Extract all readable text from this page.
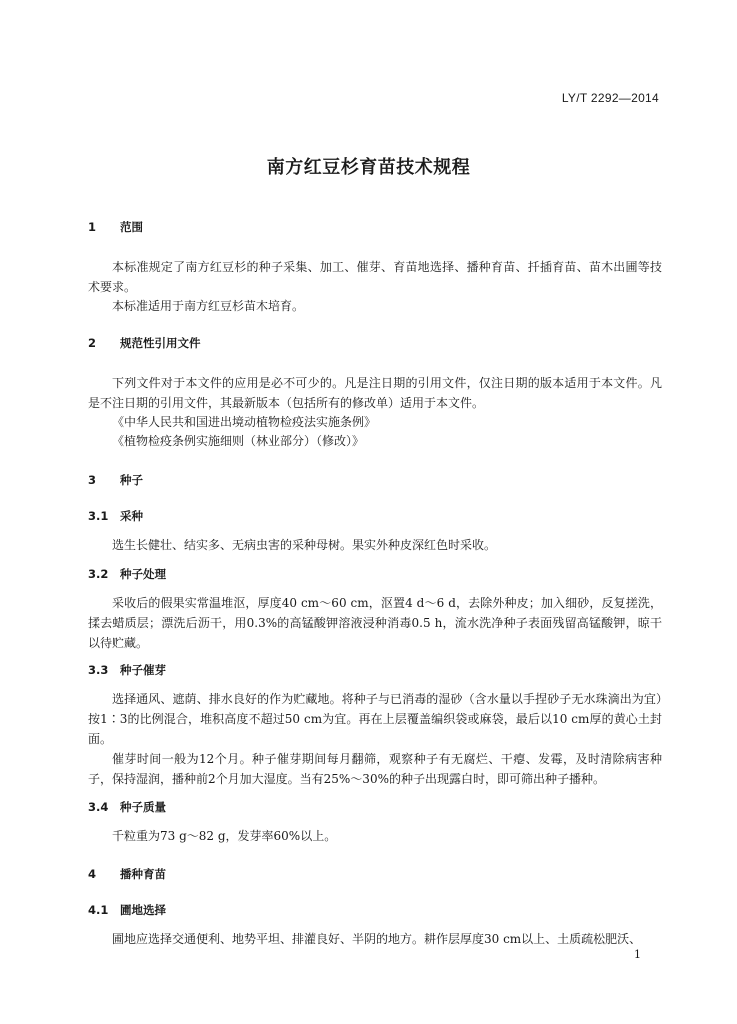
LY/T 2292—2014
南方红豆杉育苗技术规程
1 范围

本标准规定了南方红豆杉的种子采集、加工、催芽、育苗地选择、播种育苗、扦插育苗、苗木出圃等技术要求。

本标准适用于南方红豆杉苗木培育。

2 规范性引用文件

下列文件对于本文件的应用是必不可少的。凡是注日期的引用文件，仅注日期的版本适用于本文件。凡是不注日期的引用文件，其最新版本（包括所有的修改单）适用于本文件。

《中华人民共和国进出境动植物检疫法实施条例》

《植物检疫条例实施细则（林业部分）（修改）》

3 种子
3.1 采种

选生长健壮、结实多、无病虫害的采种母树。果实外种皮深红色时采收。

3.2 种子处理

采收后的假果实常温堆沤，厚度40 cm～60 cm，沤置4 d～6 d，去除外种皮；加入细砂，反复搓洗，揉去蜡质层；漂洗后沥干，用0.3%的高锰酸钾溶液浸种消毒0.5 h，流水洗净种子表面残留高锰酸钾，晾干以待贮藏。

3.3 种子催芽

选择通风、遮荫、排水良好的作为贮藏地。将种子与已消毒的湿砂（含水量以手捏砂子无水珠滴出为宜）按1∶3的比例混合，堆积高度不超过50 cm为宜。再在上层覆盖编织袋或麻袋，最后以10 cm厚的黄心土封面。

催芽时间一般为12个月。种子催芽期间每月翻筛，观察种子有无腐烂、干瘪、发霉，及时清除病害种子，保持湿润，播种前2个月加大湿度。当有25%～30%的种子出现露白时，即可筛出种子播种。

3.4 种子质量

千粒重为73 g～82 g，发芽率60%以上。

4 播种育苗
4.1 圃地选择

圃地应选择交通便利、地势平坦、排灌良好、半阴的地方。耕作层厚度30 cm以上、土质疏松肥沃、

1
